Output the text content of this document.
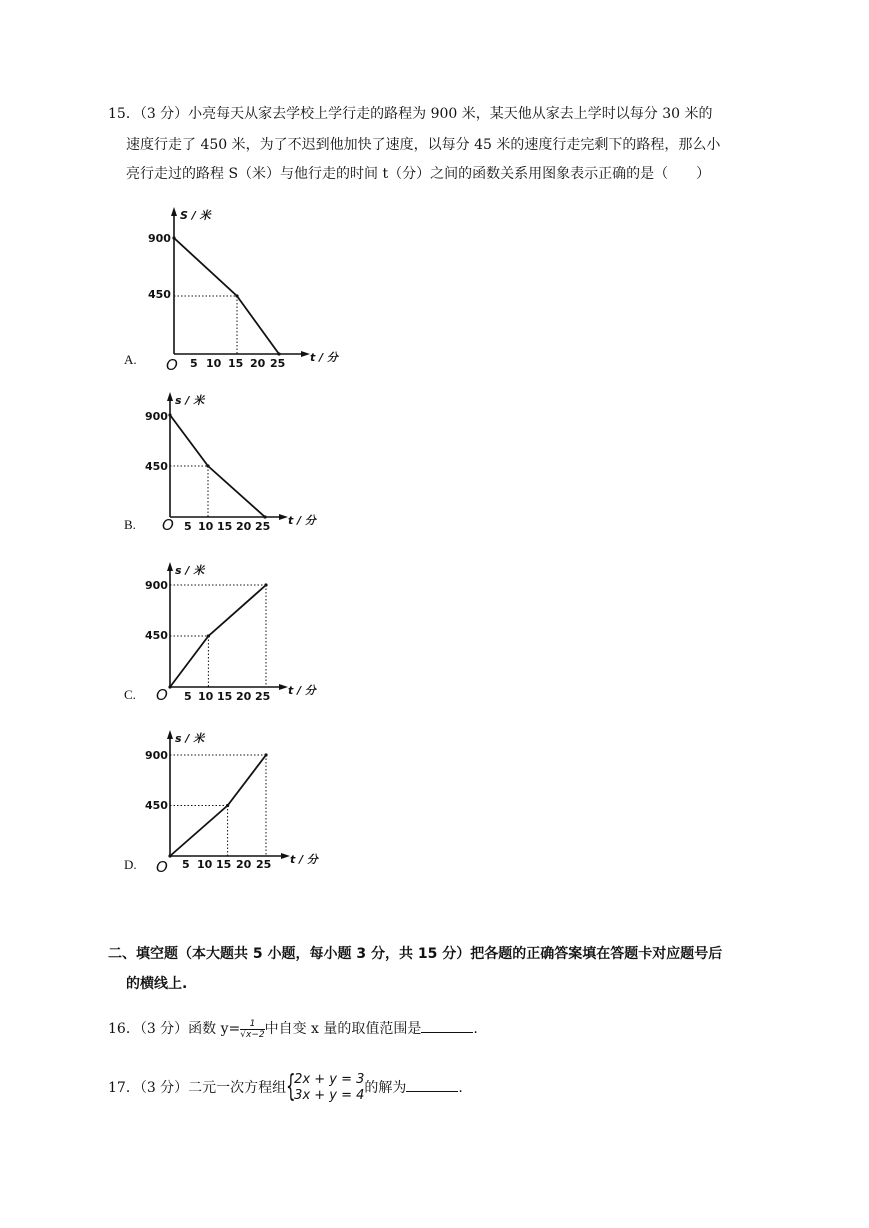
15．（3 分）小亮每天从家去学校上学行走的路程为 900 米，某天他从家去上学时以每分 30 米的
速度行走了 450 米，为了不迟到他加快了速度，以每分 45 米的速度行走完剩下的路程，那么小
亮行走过的路程 S（米）与他行走的时间 t（分）之间的函数关系用图象表示正确的是（　　）
A.
B.
C.
D.
S / 米
t / 分
O
900
450
5 10 15 20 25
s / 米
t / 分
O
900
450
5 10 15 20 25
s / 米
t / 分
O
900
450
5 10 15 20 25
s / 米
t / 分
O
900
450
5 10 15 20 25
二、填空题（本大题共 5 小题，每小题 3 分，共 15 分）把各题的正确答案填在答题卡对应题号后
的横线上.
16．（3 分）函数 $y= \frac{1}{√x-2}$中自变 x 量的取值范围是	.
17．（3 分）二元一次方程组 {
2x + y = 3
3x + y = 4 的解为	.
